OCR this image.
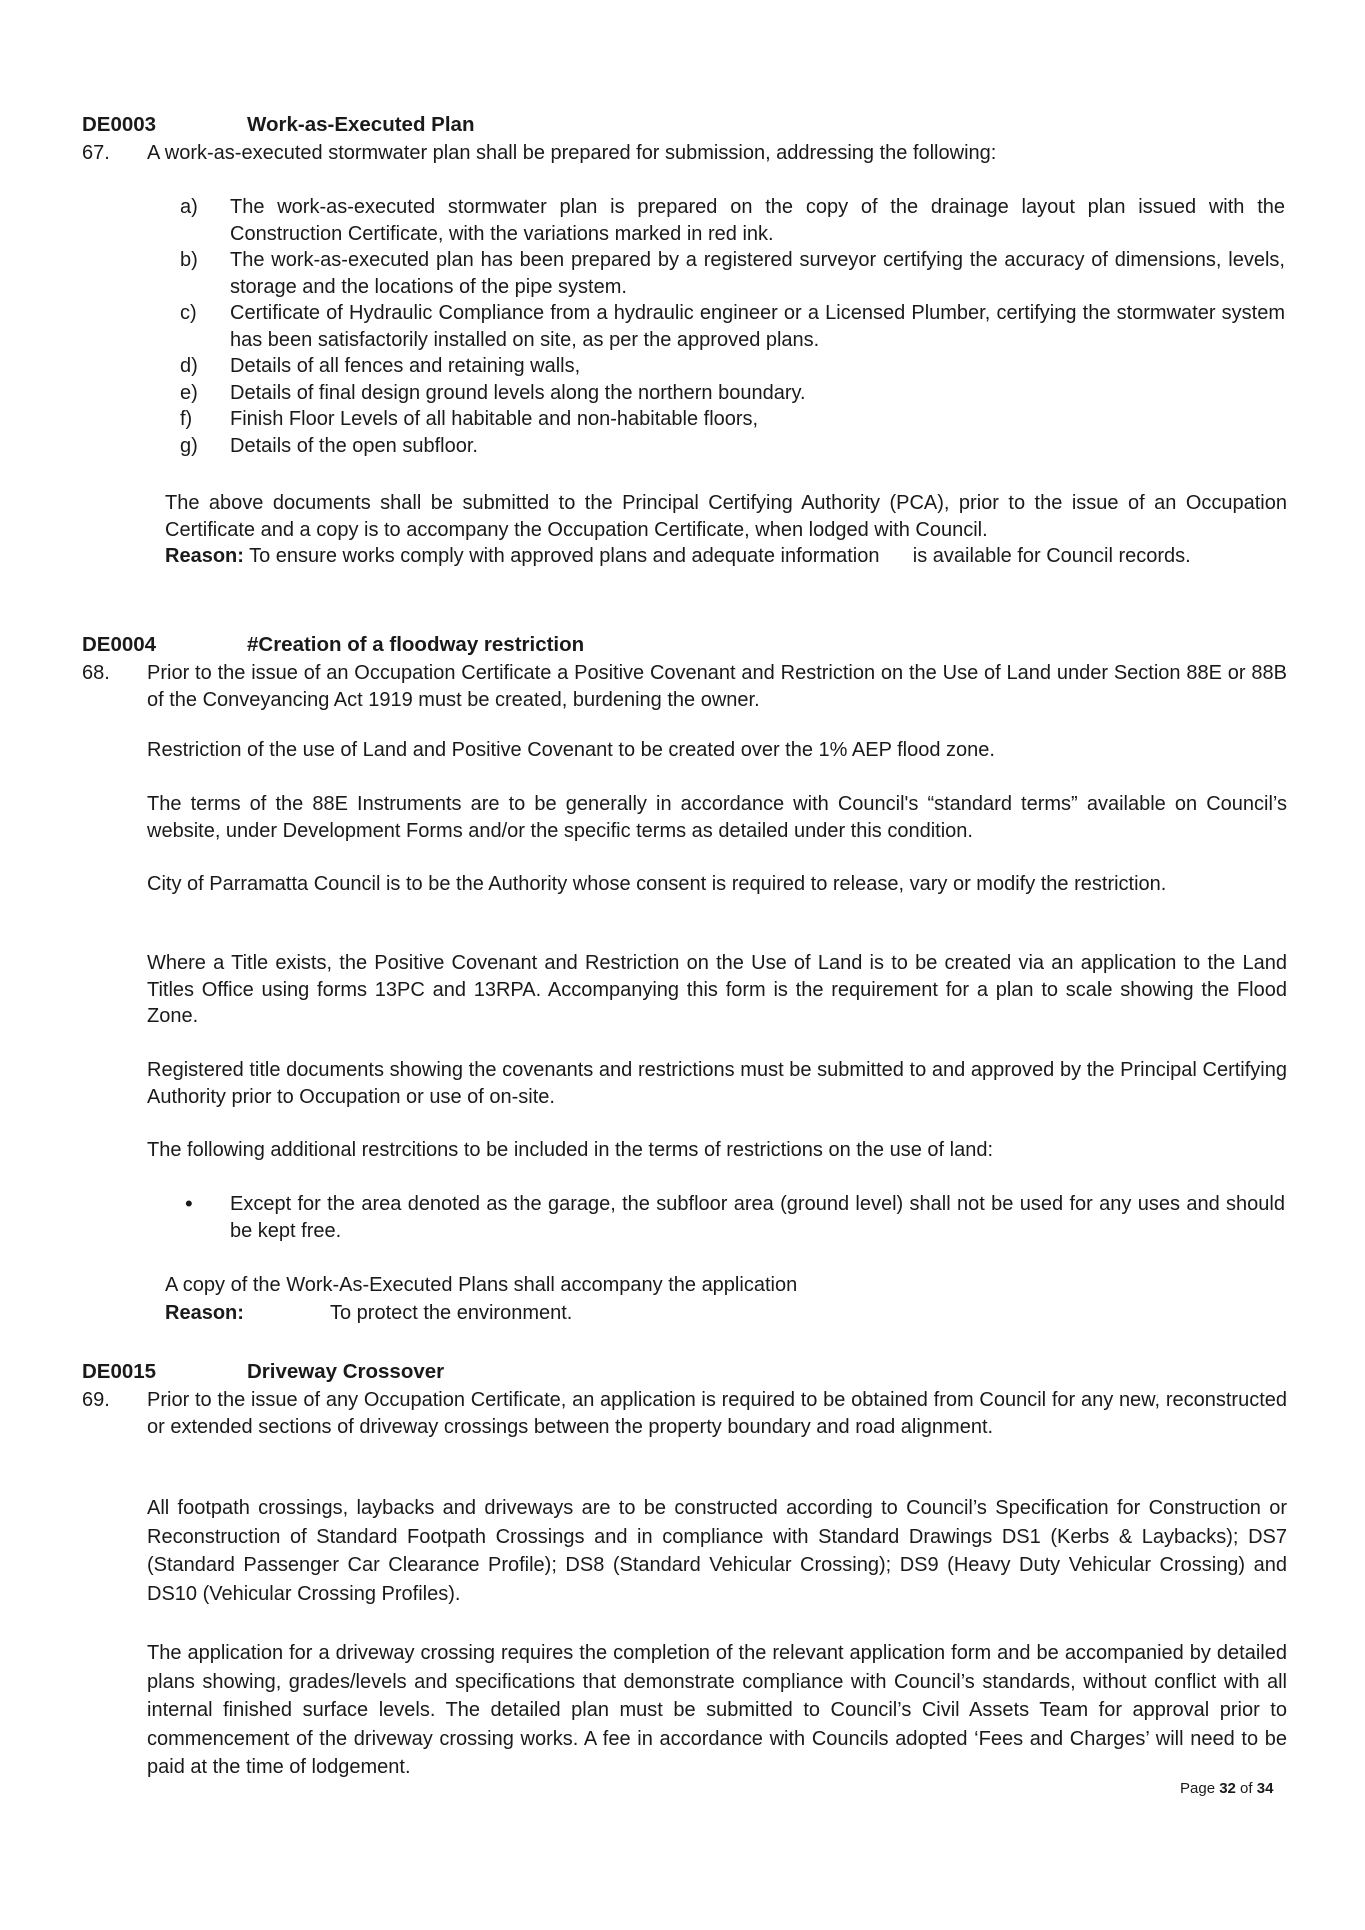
DE0003	Work-as-Executed Plan
67. A work-as-executed stormwater plan shall be prepared for submission, addressing the following:
a)	The work-as-executed stormwater plan is prepared on the copy of the drainage layout plan issued with the Construction Certificate, with the variations marked in red ink.
b)	The work-as-executed plan has been prepared by a registered surveyor certifying the accuracy of dimensions, levels, storage and the locations of the pipe system.
c)	Certificate of Hydraulic Compliance from a hydraulic engineer or a Licensed Plumber, certifying the stormwater system has been satisfactorily installed on site, as per the approved plans.
d)	Details of all fences and retaining walls,
e)	Details of final design ground levels along the northern boundary.
f)	Finish Floor Levels of all habitable and non-habitable floors,
g)	Details of the open subfloor.
The above documents shall be submitted to the Principal Certifying Authority (PCA), prior to the issue of an Occupation Certificate and a copy is to accompany the Occupation Certificate, when lodged with Council.
Reason: To ensure works comply with approved plans and adequate information      is available for Council records.
DE0004	#Creation of a floodway restriction
68. Prior to the issue of an Occupation Certificate a Positive Covenant and Restriction on the Use of Land under Section 88E or 88B of the Conveyancing Act 1919 must be created, burdening the owner.
Restriction of the use of Land and Positive Covenant to be created over the 1% AEP flood zone.
The terms of the 88E Instruments are to be generally in accordance with Council's “standard terms” available on Council’s website, under Development Forms and/or the specific terms as detailed under this condition.
City of Parramatta Council is to be the Authority whose consent is required to release, vary or modify the restriction.
Where a Title exists, the Positive Covenant and Restriction on the Use of Land is to be created via an application to the Land Titles Office using forms 13PC and 13RPA. Accompanying this form is the requirement for a plan to scale showing the Flood Zone.
Registered title documents showing the covenants and restrictions must be submitted to and approved by the Principal Certifying Authority prior to Occupation or use of on-site.
The following additional restrcitions to be included in the terms of restrictions on the use of land:
•	Except for the area denoted as the garage, the subfloor area (ground level) shall not be used for any uses and should be kept free.
A copy of the Work-As-Executed Plans shall accompany the application
Reason:	To protect the environment.
DE0015	Driveway Crossover
69. Prior to the issue of any Occupation Certificate, an application is required to be obtained from Council for any new, reconstructed or extended sections of driveway crossings between the property boundary and road alignment.
All footpath crossings, laybacks and driveways are to be constructed according to Council’s Specification for Construction or Reconstruction of Standard Footpath Crossings and in compliance with Standard Drawings DS1 (Kerbs & Laybacks); DS7 (Standard Passenger Car Clearance Profile); DS8 (Standard Vehicular Crossing); DS9 (Heavy Duty Vehicular Crossing) and DS10 (Vehicular Crossing Profiles).
The application for a driveway crossing requires the completion of the relevant application form and be accompanied by detailed plans showing, grades/levels and specifications that demonstrate compliance with Council’s standards, without conflict with all internal finished surface levels. The detailed plan must be submitted to Council’s Civil Assets Team for approval prior to commencement of the driveway crossing works. A fee in accordance with Councils adopted ‘Fees and Charges’ will need to be paid at the time of lodgement.
Page 32 of 34
